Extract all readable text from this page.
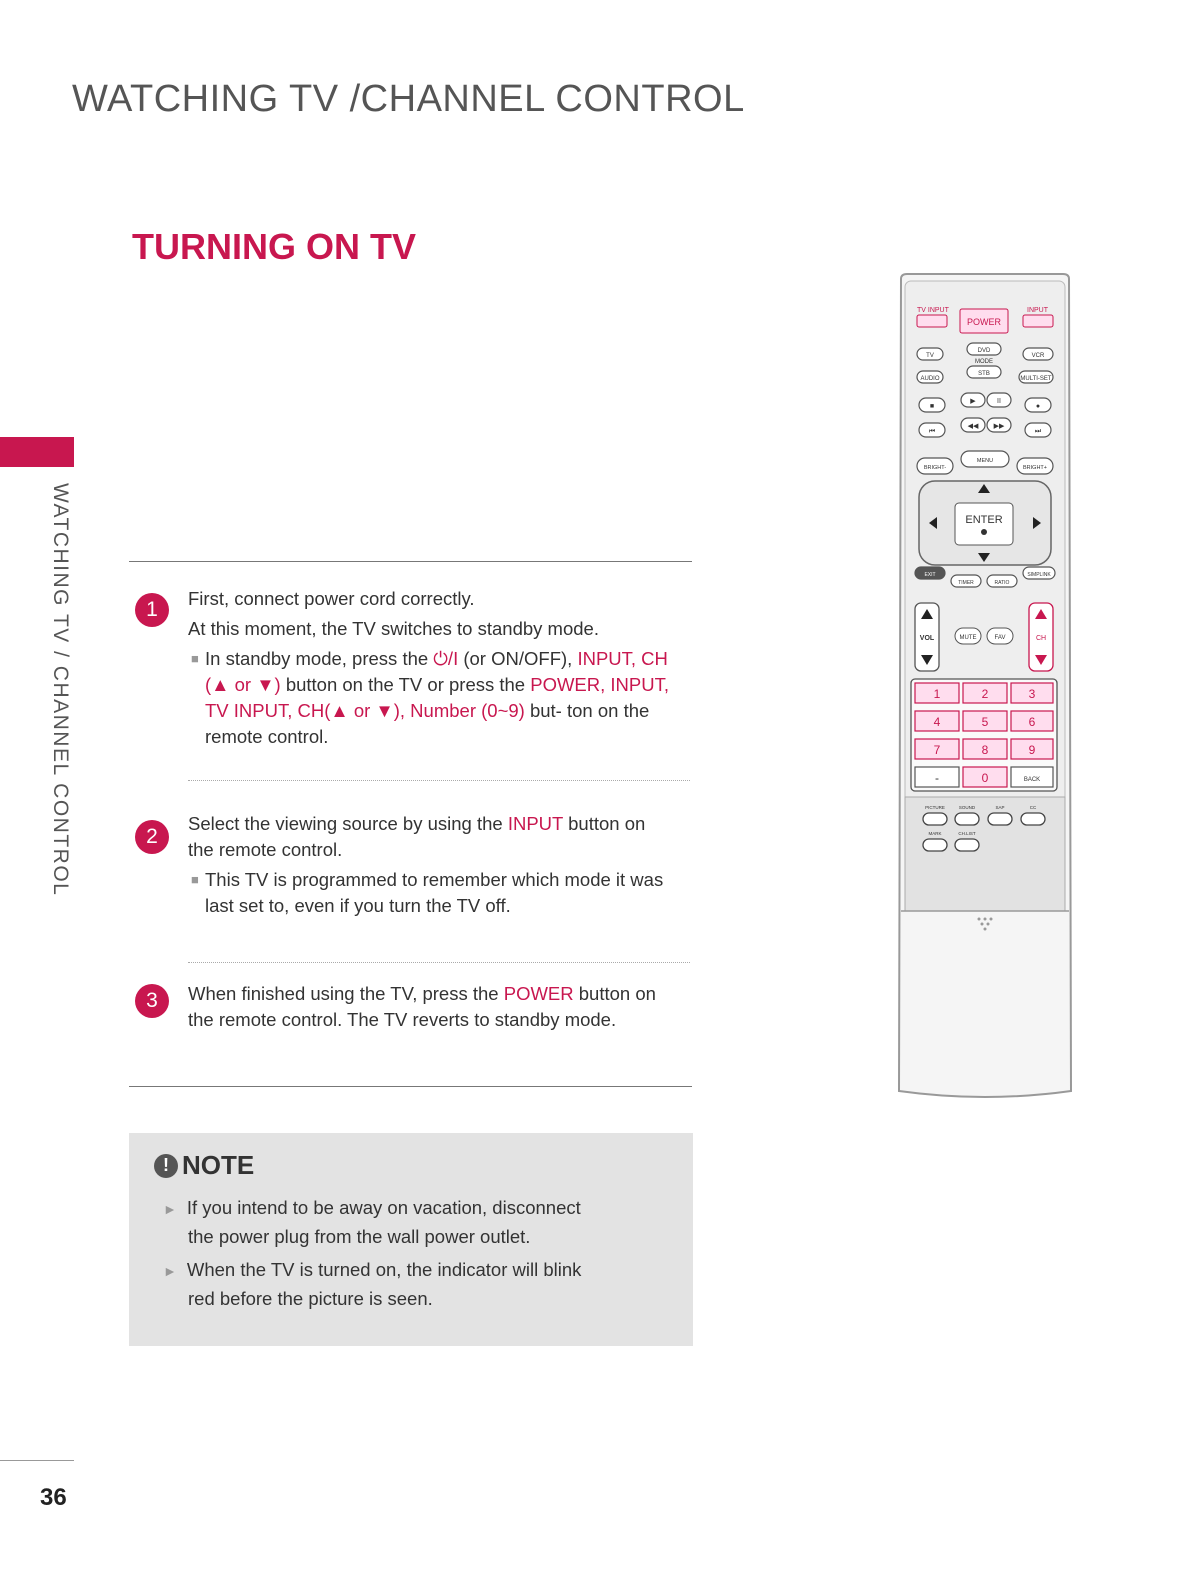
WATCHING TV /CHANNEL CONTROL
WATCHING TV / CHANNEL CONTROL
TURNING ON TV
1	First, connect power cord correctly.
At this moment, the TV switches to standby mode.
■ In standby mode, press the ⏻/I (or ON/OFF), INPUT, CH (▲ or ▼) button on the TV or press the POWER, INPUT, TV INPUT, CH(▲ or ▼), Number (0~9) but- ton on the remote control.
2
Select the viewing source by using the INPUT button on
the remote control.
■ This TV is programmed to remember which mode it was
last set to, even if you turn the TV off.
3	When finished using the TV, press the POWER button on
the remote control. The TV reverts to standby mode.
! NOTE
► If you intend to be away on vacation, disconnect
the power plug from the wall power outlet.
► When the TV is turned on, the indicator will blink
red before the picture is seen.
TV INPUT
POWER
INPUT
TV
DVD
VCR
MODE
AUDIO
STB
MULTI-SET
■
▶	II
●
⏮
◀◀ ▶▶
⏭
BRIGHT-
MENU
BRIGHT+
ENTER
EXIT
TIMER	RATIO
SIMPLINK
VOL	MUTE	FAV	CH
1	2	3
4	5	6
7	8	9
-	0	BACK
PICTURE	SOUND	SAP	CC
MARK	CH.LIST
36
